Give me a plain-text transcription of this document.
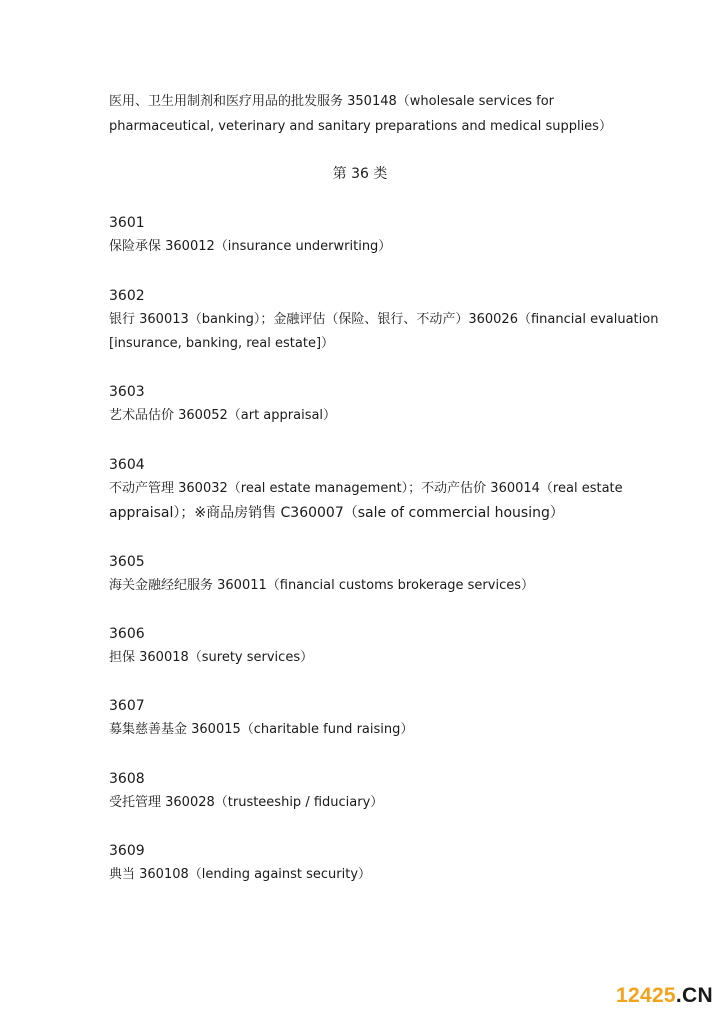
医用、卫生用制剂和医疗用品的批发服务 350148（wholesale services for
pharmaceutical, veterinary and sanitary preparations and medical supplies）
第 36 类
3601
保险承保 360012（insurance underwriting）
3602
银行 360013（banking）；金融评估（保险、银行、不动产）360026（financial evaluation
[insurance, banking, real estate]）
3603
艺术品估价 360052（art appraisal）
3604
不动产管理 360032（real estate management）；不动产估价 360014（real estate
appraisal）；※商品房销售 C360007（sale of commercial housing）
3605
海关金融经纪服务 360011（financial customs brokerage services）
3606
担保 360018（surety services）
3607
募集慈善基金 360015（charitable fund raising）
3608
受托管理 360028（trusteeship / fiduciary）
3609
典当 360108（lending against security）
12425.CN
